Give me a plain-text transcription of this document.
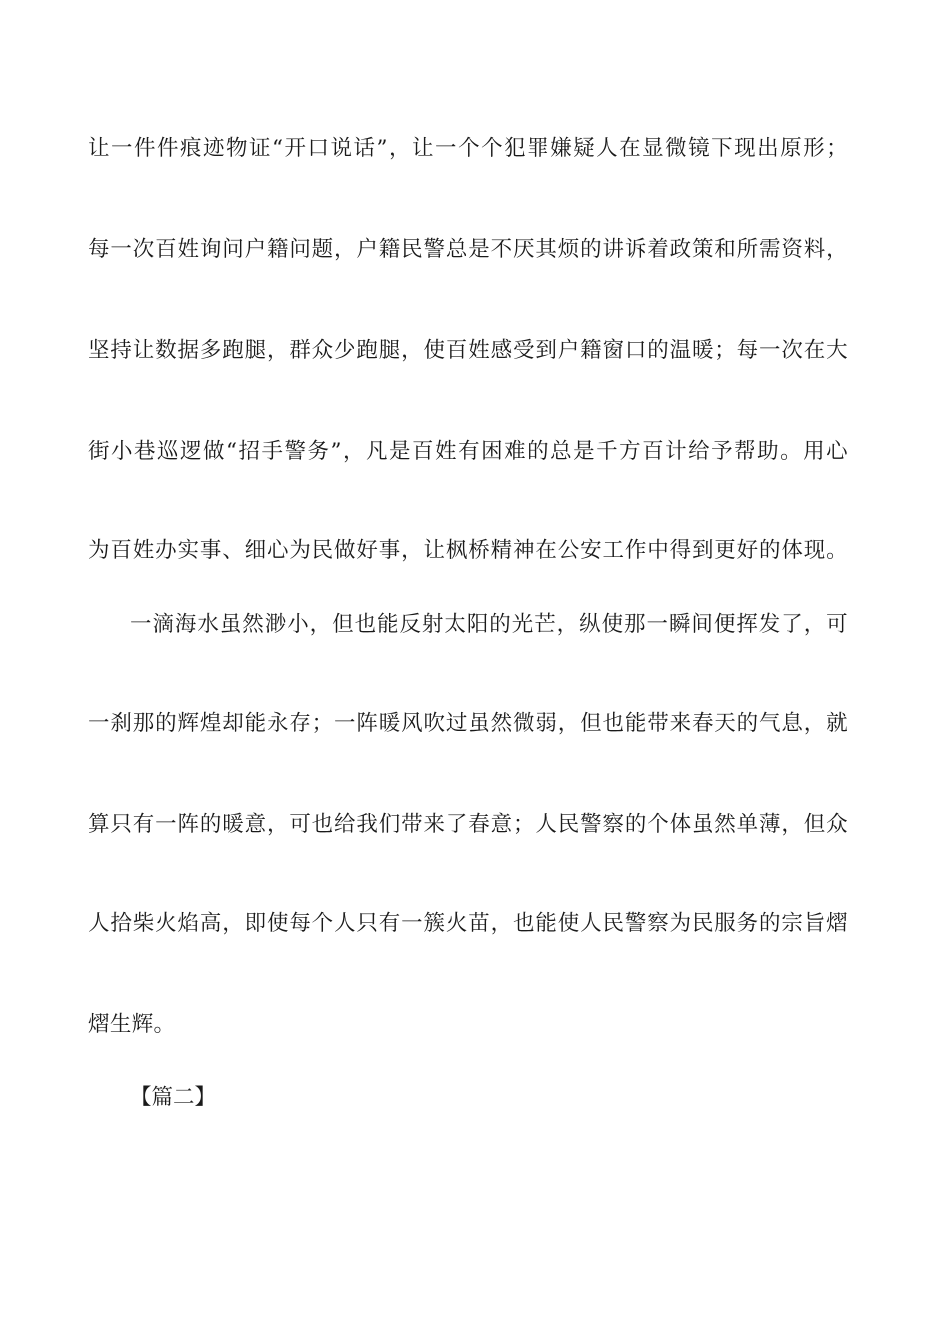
让一件件痕迹物证“开口说话”，让一个个犯罪嫌疑人在显微镜下现出原形；
每一次百姓询问户籍问题，户籍民警总是不厌其烦的讲诉着政策和所需资料，
坚持让数据多跑腿，群众少跑腿，使百姓感受到户籍窗口的温暖；每一次在大
街小巷巡逻做“招手警务”，凡是百姓有困难的总是千方百计给予帮助。用心
为百姓办实事、细心为民做好事，让枫桥精神在公安工作中得到更好的体现。
一滴海水虽然渺小，但也能反射太阳的光芒，纵使那一瞬间便挥发了，可
一刹那的辉煌却能永存；一阵暖风吹过虽然微弱，但也能带来春天的气息，就
算只有一阵的暖意，可也给我们带来了春意；人民警察的个体虽然单薄，但众
人拾柴火焰高，即使每个人只有一簇火苗，也能使人民警察为民服务的宗旨熠
熠生辉。
【篇二】
